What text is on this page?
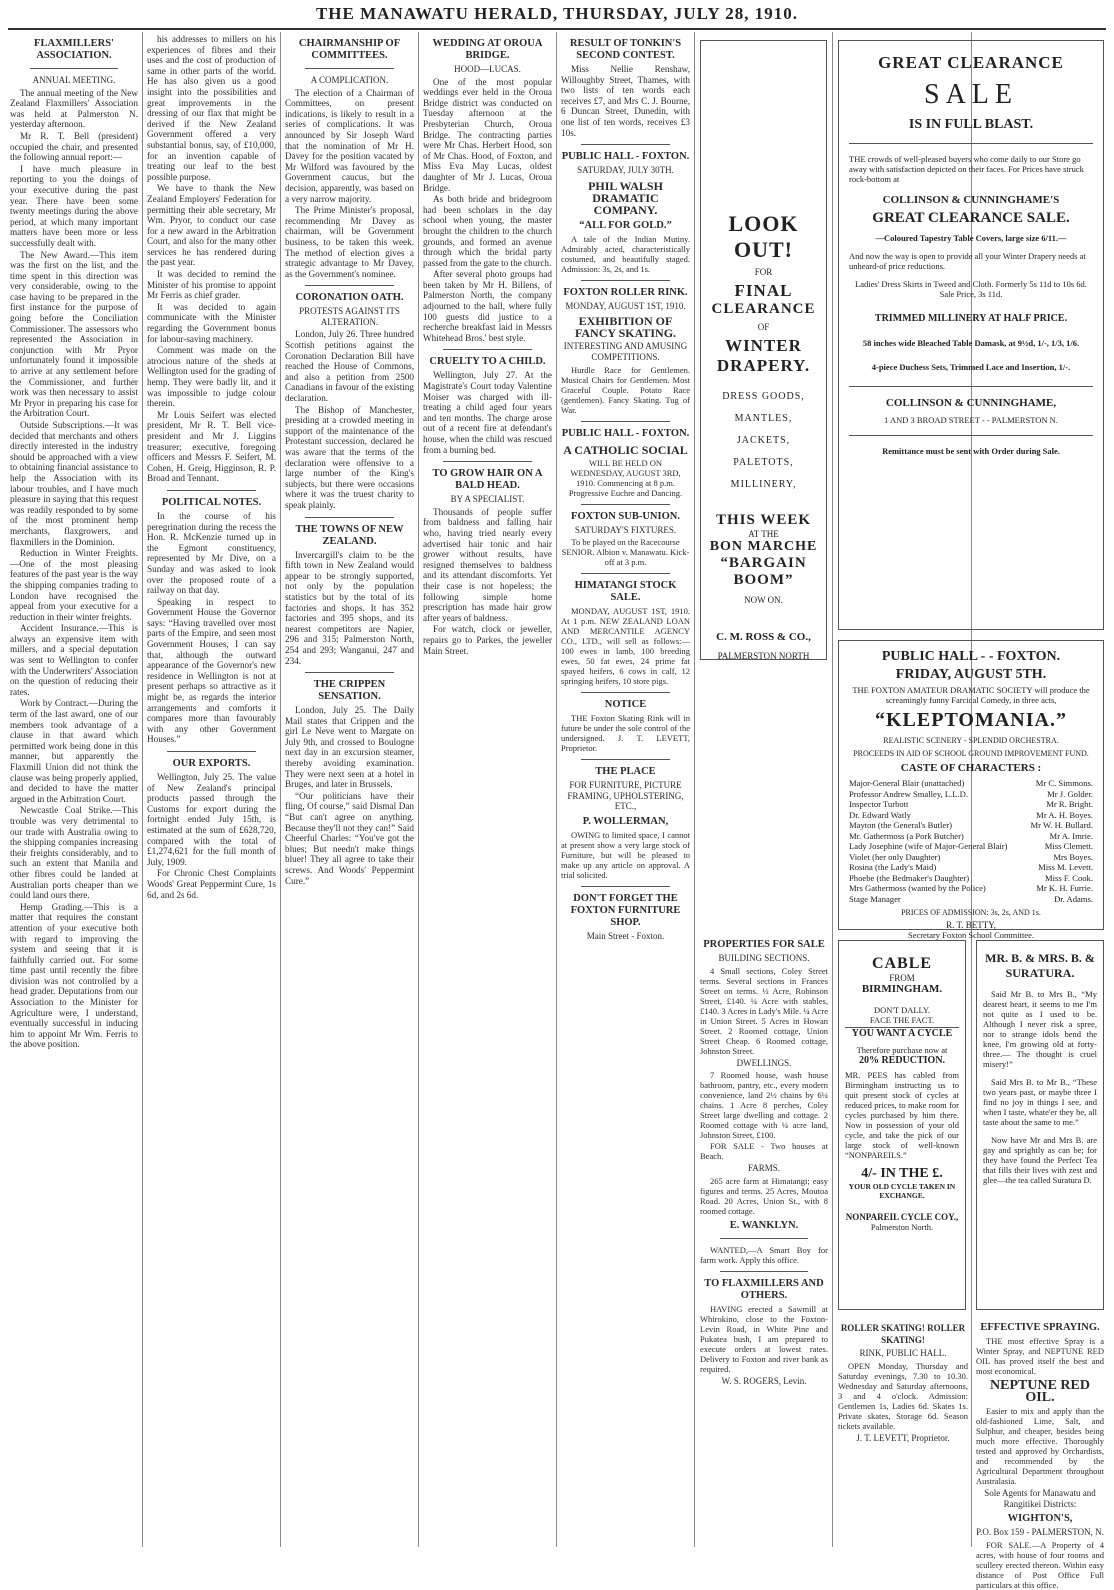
THE MANAWATU HERALD, THURSDAY, JULY 28, 1910.
FLAXMILLERS' ASSOCIATION.
ANNUAL MEETING.

The annual meeting of the New Zealand Flaxmillers' Association was held at Palmerston N. yesterday afternoon.

Mr R. T. Bell (president) occupied the chair, and presented the following annual report:—

I have much pleasure in reporting to you the doings of your executive during the past year. There have been some twenty meetings during the above period, at which many important matters have been more or less successfully dealt with.

The New Award.—This item was the first on the list, and the time spent in this direction was very considerable, owing to the case having to be prepared in the first instance for the purpose of going before the Conciliation Commissioner. The assessors who represented the Association in conjunction with Mr Pryor unfortunately found it impossible to arrive at any settlement before the Commissioner, and further work was then necessary to assist Mr Pryor in preparing his case for the Arbitration Court.

Outside Subscriptions.—It was decided that merchants and others directly interested in the industry should be approached with a view to obtaining financial assistance to help the Association with its labour troubles, and I have much pleasure in saying that this request was readily responded to by some of the most prominent hemp merchants, flaxgrowers, and flaxmillers in the Dominion.

Reduction in Winter Freights.—One of the most pleasing features of the past year is the way the shipping companies trading to London have recognised the appeal from your executive for a reduction in their winter freights.

Accident Insurance.—This is always an expensive item with millers, and a special deputation was sent to Wellington to confer with the Underwriters' Association on the question of reducing their rates.

Work by Contract.—During the term of the last award, one of our members took advantage of a clause in that award which permitted work being done in this manner, but apparently the Flaxmill Union did not think the clause was being properly applied, and decided to have the matter argued in the Arbitration Court.

Newcastle Coal Strike.—This trouble was very detrimental to our trade with Australia owing to the shipping companies increasing their freights considerably, and to such an extent that Manila and other fibres could be landed at Australian ports cheaper than we could land ours there.

Hemp Grading.—This is a matter that requires the constant attention of your executive both with regard to improving the system and seeing that it is faithfully carried out. For some time past until recently the fibre division was not controlled by a head grader. Deputations from our Association to the Minister for Agriculture were, I understand, eventually successful in inducing him to appoint Mr Wm. Ferris to the above position.

his addresses to millers on his experiences of fibres and their uses and the cost of production of same in other parts of the world. He has also given us a good insight into the possibilities and great improvements in the dressing of our flax that might be derived if the New Zealand Government offered a very substantial bonus, say, of £10,000, for an invention capable of treating our leaf to the best possible purpose.

We have to thank the New Zealand Employers' Federation for permitting their able secretary, Mr Wm. Pryor, to conduct our case for a new award in the Arbitration Court, and also for the many other services he has rendered during the past year.

It was decided to remind the Minister of his promise to appoint Mr Ferris as chief grader.

It was decided to again communicate with the Minister regarding the Government bonus for labour-saving machinery.

Comment was made on the atrocious nature of the sheds at Wellington used for the grading of hemp. They were badly lit, and it was impossible to judge colour therein.

Mr Louis Seifert was elected president, Mr R. T. Bell vice-president and Mr J. Liggins treasurer; executive, foregoing officers and Messrs F. Seifert, M. Cohen, H. Greig, Higginson, R. P. Broad and Tennant.

POLITICAL NOTES.

In the course of his peregrination during the recess the Hon. R. McKenzie turned up in the Egmont constituency, represented by Mr Dive, on a Sunday and was asked to look over the proposed route of a railway on that day.

Speaking in respect to Government House the Governor says: “Having travelled over most parts of the Empire, and seen most Government Houses, I can say that, although the outward appearance of the Governor's new residence in Wellington is not at present perhaps so attractive as it might be, as regards the interior arrangements and comforts it compares more than favourably with any other Government Houses.”

OUR EXPORTS.

Wellington, July 25. The value of New Zealand's principal products passed through the Customs for export during the fortnight ended July 15th, is estimated at the sum of £628,720, compared with the total of £1,274,621 for the full month of July, 1909.

For Chronic Chest Complaints Woods' Great Peppermint Cure, 1s 6d, and 2s 6d.

CHAIRMANSHIP OF COMMITTEES.
A COMPLICATION.

The election of a Chairman of Committees, on present indications, is likely to result in a series of complications. It was announced by Sir Joseph Ward that the nomination of Mr H. Davey for the position vacated by Mr Wilford was favoured by the Government caucus, but the decision, apparently, was based on a very narrow majority.

The Prime Minister's proposal, recommending Mr Davey as chairman, will be Government business, to be taken this week. The method of election gives a strategic advantage to Mr Davey, as the Government's nominee.

CORONATION OATH.
PROTESTS AGAINST ITS ALTERATION.

London, July 26. Three hundred Scottish petitions against the Coronation Declaration Bill have reached the House of Commons, and also a petition from 2500 Canadians in favour of the existing declaration.

The Bishop of Manchester, presiding at a crowded meeting in support of the maintenance of the Protestant succession, declared he was aware that the terms of the declaration were offensive to a large number of the King's subjects, but there were occasions where it was the truest charity to speak plainly.

THE TOWNS OF NEW ZEALAND.

Invercargill's claim to be the fifth town in New Zealand would appear to be strongly supported, not only by the population statistics but by the total of its factories and shops. It has 352 factories and 395 shops, and its nearest competitors are Napier, 296 and 315; Palmerston North, 254 and 293; Wanganui, 247 and 234.

THE CRIPPEN SENSATION.

London, July 25. The Daily Mail states that Crippen and the girl Le Neve went to Margate on July 9th, and crossed to Boulogne next day in an excursion steamer, thereby avoiding examination. They were next seen at a hotel in Bruges, and later in Brussels.

“Our politicians have their fling, Of course,” said Dismal Dan “But can't agree on anything. Because they'll not they can!” Said Cheerful Charles: “You've got the blues; But needn't make things bluer! They all agree to take their screws. And Woods' Peppermint Cure.”

WEDDING AT OROUA BRIDGE.
HOOD—LUCAS.

One of the most popular weddings ever held in the Oroua Bridge district was conducted on Tuesday afternoon at the Presbyterian Church, Oroua Bridge. The contracting parties were Mr Chas. Herbert Hood, son of Mr Chas. Hood, of Foxton, and Miss Eva May Lucas, oldest daughter of Mr J. Lucas, Oroua Bridge.

As both bride and bridegroom had been scholars in the day school when young, the master brought the children to the church grounds, and formed an avenue through which the bridal party passed from the gate to the church.

After several photo groups had been taken by Mr H. Billens, of Palmerston North, the company adjourned to the hall, where fully 100 guests did justice to a recherche breakfast laid in Messrs Whitehead Bros.' best style.

CRUELTY TO A CHILD.

Wellington, July 27. At the Magistrate's Court today Valentine Moiser was charged with ill-treating a child aged four years and ten months. The charge arose out of a recent fire at defendant's house, when the child was rescued from a burning bed.

TO GROW HAIR ON A BALD HEAD.
BY A SPECIALIST.

Thousands of people suffer from baldness and falling hair who, having tried nearly every advertised hair tonic and hair grower without results, have resigned themselves to baldness and its attendant discomforts. Yet their case is not hopeless; the following simple home prescription has made hair grow after years of baldness.

For watch, clock or jeweller, repairs go to Parkes, the jeweller Main Street.

RESULT OF TONKIN'S SECOND CONTEST.

Miss Nellie Renshaw, Willoughby Street, Thames, with two lists of ten words each receives £7, and Mrs C. J. Bourne, 6 Duncan Street, Dunedin, with one list of ten words, receives £3 10s.

PUBLIC HALL - FOXTON.
SATURDAY, JULY 30TH.
PHIL WALSH DRAMATIC COMPANY.
“ALL FOR GOLD.”

A tale of the Indian Mutiny. Admirably acted, characteristically costumed, and beautifully staged. Admission: 3s, 2s, and 1s.

FOXTON ROLLER RINK.
MONDAY, AUGUST 1ST, 1910.
EXHIBITION OF FANCY SKATING.
INTERESTING AND AMUSING COMPETITIONS.

Hurdle Race for Gentlemen. Musical Chairs for Gentlemen. Most Graceful Couple. Potato Race (gentlemen). Fancy Skating. Tug of War.

PUBLIC HALL - FOXTON.
A CATHOLIC SOCIAL

WILL BE HELD ON WEDNESDAY, AUGUST 3RD, 1910. Commencing at 8 p.m. Progressive Euchre and Dancing.

FOXTON SUB-UNION.
SATURDAY'S FIXTURES.

To be played on the Racecourse SENIOR. Albion v. Manawatu. Kick-off at 3 p.m.

HIMATANGI STOCK SALE.

MONDAY, AUGUST 1ST, 1910. At 1 p.m. NEW ZEALAND LOAN AND MERCANTILE AGENCY CO., LTD., will sell as follows:— 100 ewes in lamb, 100 breeding ewes, 50 fat ewes, 24 prime fat spayed heifers, 6 cows in calf, 12 springing heifers, 10 store pigs.

NOTICE

THE Foxton Skating Rink will in future be under the sole control of the undersigned. J. T. LEVETT, Proprietor.

THE PLACE
FOR FURNITURE, PICTURE FRAMING, UPHOLSTERING, ETC.,
P. WOLLERMAN,

OWING to limited space, I cannot at present show a very large stock of Furniture, but will be pleased to make up any article on approval. A trial solicited.

DON'T FORGET THE FOXTON FURNITURE SHOP.
Main Street - Foxton.
LOOK
OUT!
FOR
FINAL
CLEARANCE
OF
WINTER
DRAPERY.
DRESS GOODS, MANTLES, JACKETS, PALETOTS, MILLINERY,
THIS WEEK
AT THE
BON MARCHE
“BARGAIN BOOM”
NOW ON.
C. M. ROSS & CO.,
PALMERSTON NORTH
GREAT CLEARANCE
SALE
IS IN FULL BLAST.

THE crowds of well-pleased buyers who come daily to our Store go away with satisfaction depicted on their faces. For Prices have struck rock-bottom at

COLLINSON & CUNNINGHAME'S
GREAT CLEARANCE SALE.
—Coloured Tapestry Table Covers, large size 6/11.—

And now the way is open to provide all your Winter Drapery needs at unheard-of price reductions.

Ladies' Dress Skirts in Tweed and Cloth. Formerly 5s 11d to 10s 6d. Sale Price, 3s 11d.

TRIMMED MILLINERY AT HALF PRICE.
58 inches wide Bleached Table Damask, at 9½d, 1/-, 1/3, 1/6.
4-piece Duchess Sets, Trimmed Lace and Insertion, 1/-.
COLLINSON & CUNNINGHAME,
1 AND 3 BROAD STREET - - PALMERSTON N.
Remittance must be sent with Order during Sale.
PUBLIC HALL - - FOXTON.
FRIDAY, AUGUST 5TH.

THE FOXTON AMATEUR DRAMATIC SOCIETY will produce the screamingly funny Farcical Comedy, in three acts,

“KLEPTOMANIA.”
REALISTIC SCENERY - SPLENDID ORCHESTRA.
PROCEEDS IN AID OF SCHOOL GROUND IMPROVEMENT FUND.
CASTE OF CHARACTERS :
Major-General Blair (unattached)	Mr C. Simmons.
Professor Andrew Smalley, L.L.D.	Mr J. Golder.
Inspector Turbott	Mr R. Bright.
Dr. Edward Watly	Mr A. H. Boyes.
Mayton (the General's Butler)	Mr W. H. Bullard.
Mr. Gathermoss (a Pork Butcher)	Mr A. Imrie.
Lady Josephine (wife of Major-General Blair)	Miss Clemett.
Violet (her only Daughter)	Mrs Boyes.
Rosina (the Lady's Maid)	Miss M. Levett.
Phoebe (the Bedmaker's Daughter)	Miss F. Cook.
Mrs Gathermoss (wanted by the Police)	Mr K. H. Furrie.
Stage Manager	Dr. Adams.
PRICES OF ADMISSION: 3s, 2s, AND 1s.
R. T. BETTY,
Secretary Foxton School Committee.
PROPERTIES FOR SALE
BUILDING SECTIONS.

4 Small sections, Coley Street terms. Several sections in Frances Street on terms. ½ Acre, Robinson Street, £140. ¼ Acre with stables, £140. 3 Acres in Lady's Mile. ¼ Acre in Union Street. 5 Acres in Howan Street. 2 Roomed cottage, Union Street Cheap. 6 Roomed cottage, Johnston Street.

DWELLINGS.

7 Roomed house, wash house bathroom, pantry, etc., every modern convenience, land 2½ chains by 6¼ chains. 1 Acre 8 perches, Coley Street large dwelling and cottage. 2 Roomed cottage with ¼ acre land, Johnston Street, £100.

FOR SALE - Two houses at Beach.

FARMS.

265 acre farm at Himatangi; easy figures and terms. 25 Acres, Moutoa Road. 20 Acres, Union St., with 8 roomed cottage.

E. WANKLYN.

WANTED,—A Smart Boy for farm work. Apply this office.

TO FLAXMILLERS AND OTHERS.

HAVING erected a Sawmill at Whirokino, close to the Foxton-Levin Road, in White Pine and Pukatea bush, I am prepared to execute orders at lowest rates. Delivery to Foxton and river bank as required.

W. S. ROGERS, Levin.
CABLE
FROM
BIRMINGHAM.
DON'T DALLY.
FACE THE FACT.
YOU WANT A CYCLE
Therefore purchase now at
20% REDUCTION.

MR. PEES has cabled from Birmingham instructing us to quit present stock of cycles at reduced prices, to make room for cycles purchased by him there. Now in possession of your old cycle, and take the pick of our large stock of well-known “NONPAREILS.”

4/- IN THE £.
YOUR OLD CYCLE TAKEN IN EXCHANGE.
NONPAREIL CYCLE COY.,
Palmerston North.
MR. B. & MRS. B. & SURATURA.

Said Mr B. to Mrs B., “My dearest heart, it seems to me I'm not quite as I used to be. Although I never risk a spree, nor to strange idols bend the knee, I'm growing old at forty-three.— The thought is cruel misery!”

Said Mrs B. to Mr B., “These two years past, or maybe three I find no joy in things I see, and when I taste, whate'er they be, all taste about the same to me.”

Now have Mr and Mrs B. are gay and sprightly as can be; for they have found the Perfect Tea that fills their lives with zest and glee—the tea called Suratura D.

ROLLER SKATING! ROLLER SKATING!
RINK, PUBLIC HALL.

OPEN Monday, Thursday and Saturday evenings, 7.30 to 10.30. Wednesday and Saturday afternoons, 3 and 4 o'clock. Admission: Gentlemen 1s, Ladies 6d. Skates 1s. Private skates, Storage 6d. Season tickets available.

J. T. LEVETT, Proprietor.
EFFECTIVE SPRAYING.

THE most effective Spray is a Winter Spray, and NEPTUNE RED OIL has proved itself the best and most economical.

NEPTUNE RED OIL.

Easier to mix and apply than the old-fashioned Lime, Salt, and Sulphur, and cheaper, besides being much more effective. Thoroughly tested and approved by Orchardists, and recommended by the Agricultural Department throughout Australasia.

Sole Agents for Manawatu and Rangitikei Districts:
WIGHTON'S,
P.O. Box 159 - PALMERSTON, N.

FOR SALE.—A Property of 4 acres, with house of four rooms and scullery erected thereon. Within easy distance of Post Office Full particulars at this office.
